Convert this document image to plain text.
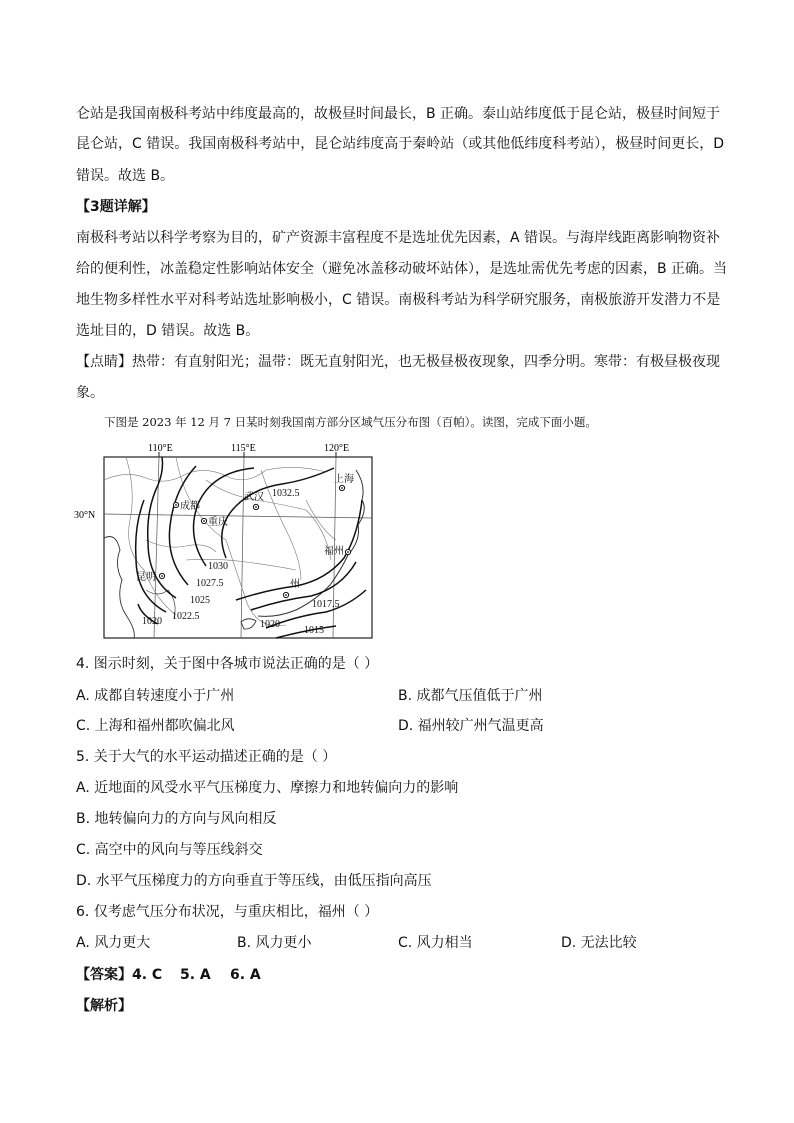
仑站是我国南极科考站中纬度最高的，故极昼时间最长，B 正确。泰山站纬度低于昆仑站，极昼时间短于
昆仑站，C 错误。我国南极科考站中，昆仑站纬度高于秦岭站（或其他低纬度科考站），极昼时间更长，D
错误。故选 B。
【3题详解】
南极科考站以科学考察为目的，矿产资源丰富程度不是选址优先因素，A 错误。与海岸线距离影响物资补
给的便利性，冰盖稳定性影响站体安全（避免冰盖移动破坏站体），是选址需优先考虑的因素，B 正确。当
地生物多样性水平对科考站选址影响极小，C 错误。南极科考站为科学研究服务，南极旅游开发潜力不是
选址目的，D 错误。故选 B。
【点睛】热带：有直射阳光；温带：既无直射阳光，也无极昼极夜现象，四季分明。寒带：有极昼极夜现
象。
下图是 2023 年 12 月 7 日某时刻我国南方部分区域气压分布图（百帕）。读图，完成下面小题。
110°E	115°E	120°E
30°N
1032.5
1030
1027.5
1025
1022.5
1020	1020
1017.5
1015
成都
重庆
武汉
上海
福州
昆明
州
4. 图示时刻，关于图中各城市说法正确的是（ ）
A. 成都自转速度小于广州	B. 成都气压值低于广州
C. 上海和福州都吹偏北风	D. 福州较广州气温更高
5. 关于大气的水平运动描述正确的是（ ）
A. 近地面的风受水平气压梯度力、摩擦力和地转偏向力的影响
B. 地转偏向力的方向与风向相反
C. 高空中的风向与等压线斜交
D. 水平气压梯度力的方向垂直于等压线，由低压指向高压
6. 仅考虑气压分布状况，与重庆相比，福州（ ）
A. 风力更大	B. 风力更小	C. 风力相当	D. 无法比较
【答案】 4. C 5. A 6. A
【解析】
